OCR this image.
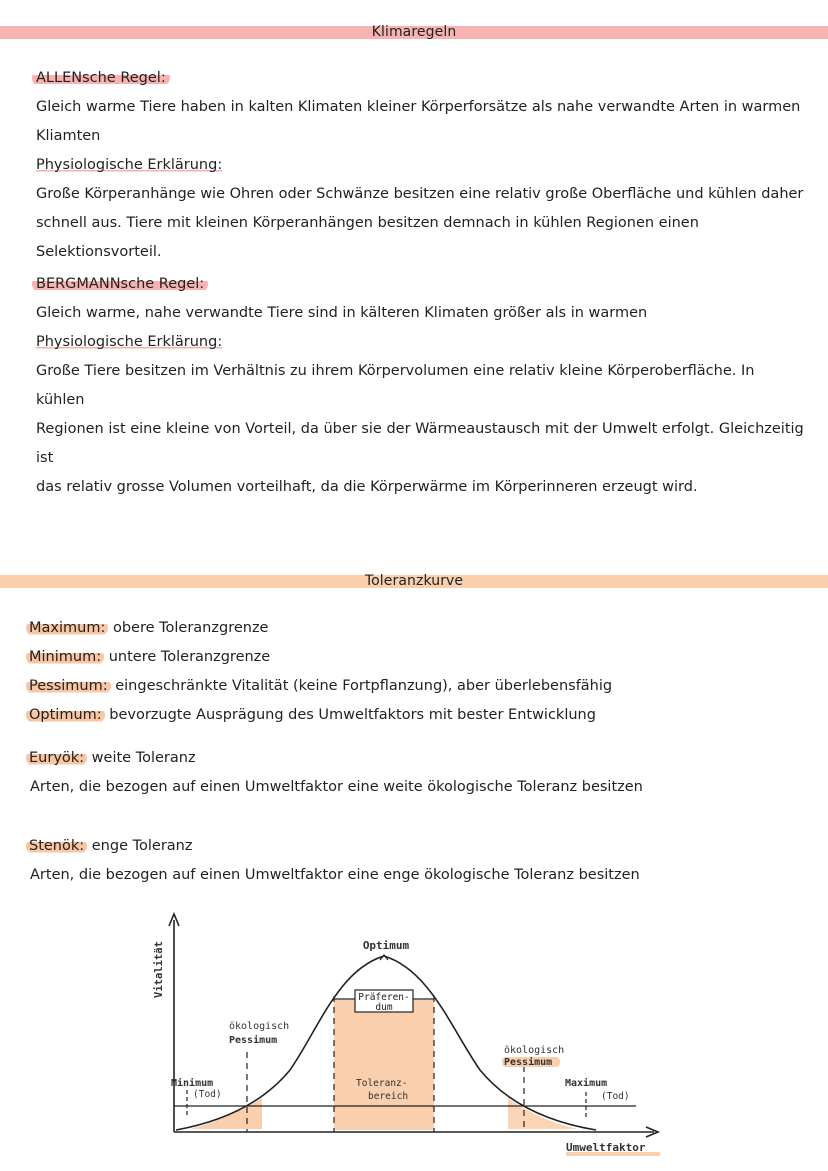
Klimaregeln

ALLENsche Regel:

Gleich warme Tiere haben in kalten Klimaten kleiner Körperforsätze als nahe verwandte Arten in warmen

Kliamten

Physiologische Erklärung:

Große Körperanhänge wie Ohren oder Schwänze besitzen eine relativ große Oberfläche und kühlen daher

schnell aus. Tiere mit kleinen Körperanhängen besitzen demnach in kühlen Regionen einen Selektionsvorteil.

BERGMANNsche Regel:

Gleich warme, nahe verwandte Tiere sind in kälteren Klimaten größer als in warmen

Physiologische Erklärung:

Große Tiere besitzen im Verhältnis zu ihrem Körpervolumen eine relativ kleine Körperoberfläche. In kühlen

Regionen ist eine kleine von Vorteil, da über sie der Wärmeaustausch mit der Umwelt erfolgt. Gleichzeitig ist

das relativ grosse Volumen vorteilhaft, da die Körperwärme im Körperinneren erzeugt wird.

Toleranzkurve

Maximum: obere Toleranzgrenze

Minimum: untere Toleranzgrenze

Pessimum: eingeschränkte Vitalität (keine Fortpflanzung), aber überlebensfähig

Optimum: bevorzugte Ausprägung des Umweltfaktors mit bester Entwicklung

Euryök: weite Toleranz

Arten, die bezogen auf einen Umweltfaktor eine weite ökologische Toleranz besitzen

Stenök: enge Toleranz

Arten, die bezogen auf einen Umweltfaktor eine enge ökologische Toleranz besitzen

Präferen-
dum
Optimum
Vitalität
Umweltfaktor
ökologisch
Pessimum
ökologisch
Pessimum
Minimum
(Tod)
Maximum
(Tod)
Toleranz-
bereich
